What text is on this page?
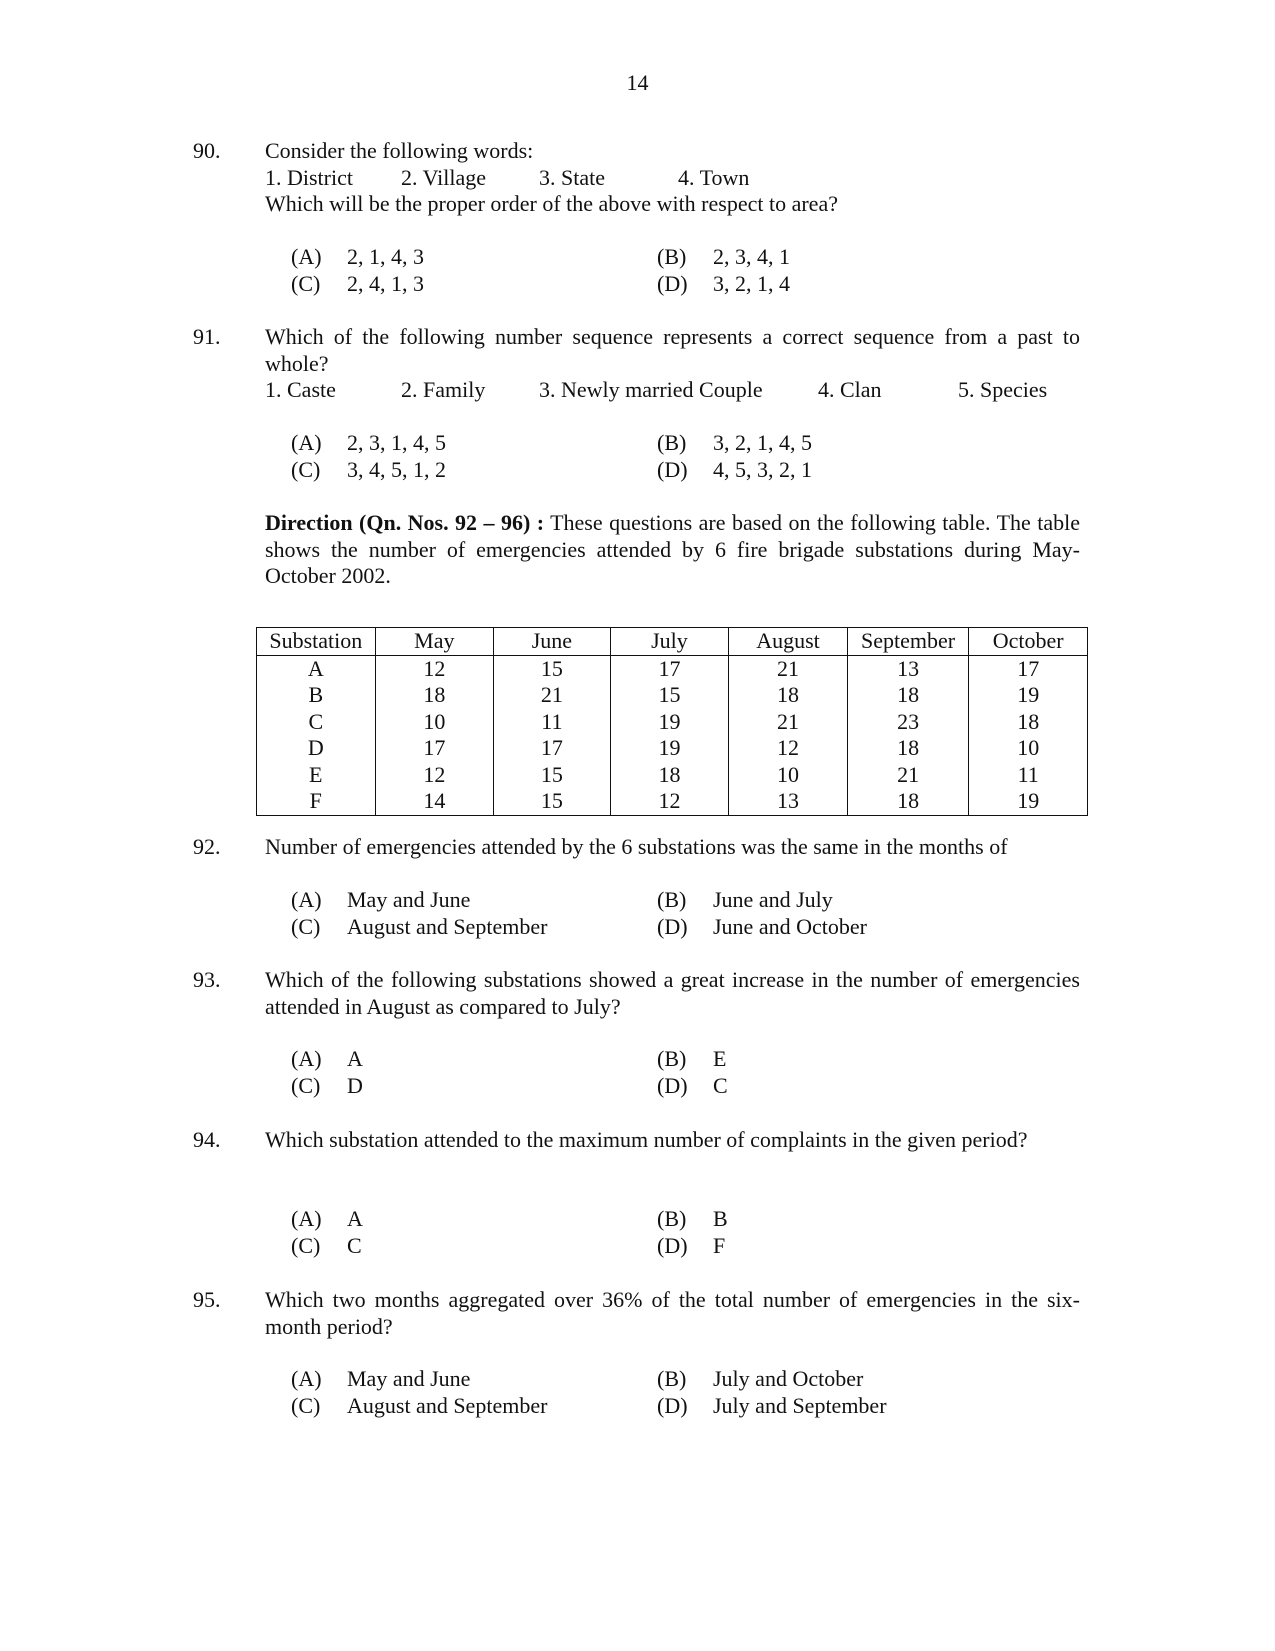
14
90. Consider the following words:
1. District 2. Village 3. State	4. Town
Which will be the proper order of the above with respect to area?
(A) 2, 1, 4, 3	(B) 2, 3, 4, 1
(C) 2, 4, 1, 3	(D) 3, 2, 1, 4
91. Which of the following number sequence represents a correct sequence from a past to whole?
1. Caste	2. Family 3. Newly married Couple	4. Clan	5. Species
(A) 2, 3, 1, 4, 5	(B) 3, 2, 1, 4, 5
(C) 3, 4, 5, 1, 2	(D) 4, 5, 3, 2, 1
Direction (Qn. Nos. 92 – 96) : These questions are based on the following table. The table shows the number of emergencies attended by 6 fire brigade substations during May-October 2002.
Substation	May	June	July	August	September	October
A	12	15	17	21	13	17
B	18	21	15	18	18	19
C	10	11	19	21	23	18
D	17	17	19	12	18	10
E	12	15	18	10	21	11
F	14	15	12	13	18	19
92. Number of emergencies attended by the 6 substations was the same in the months of
(A) May and June	(B) June and July
(C) August and September	(D) June and October
93. Which of the following substations showed a great increase in the number of emergencies attended in August as compared to July?
(A) A	(B) E
(C) D	(D) C
94. Which substation attended to the maximum number of complaints in the given period?
(A) A	(B) B
(C) C	(D) F
95. Which two months aggregated over 36% of the total number of emergencies in the six-month period?
(A) May and June	(B) July and October
(C) August and September	(D) July and September
